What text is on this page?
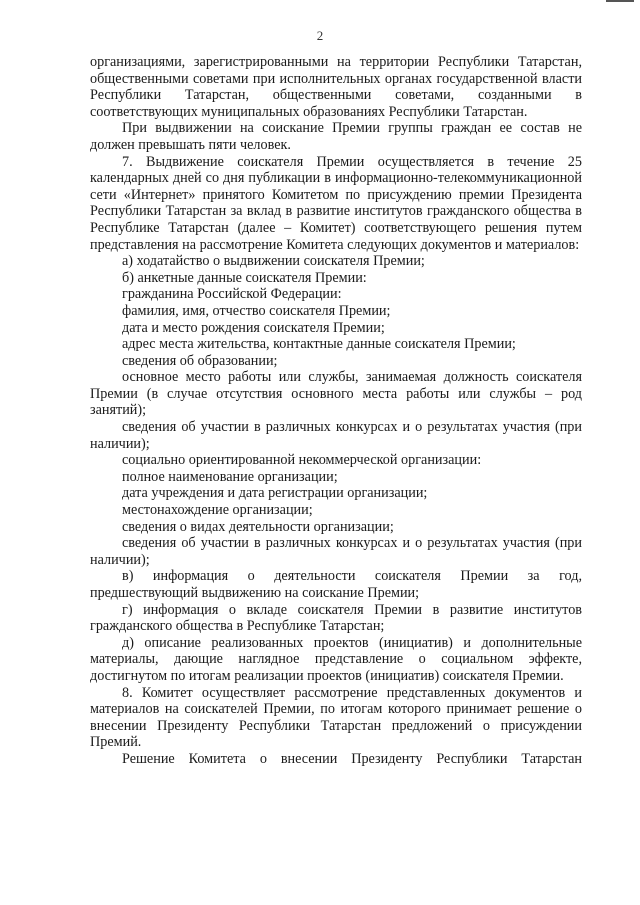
2

организациями, зарегистрированными на территории Республики Татарстан, общественными советами при исполнительных органах государственной власти Республики Татарстан, общественными советами, созданными в соответствующих муниципальных образованиях Республики Татарстан.

При выдвижении на соискание Премии группы граждан ее состав не должен превышать пяти человек.

7. Выдвижение соискателя Премии осуществляется в течение 25 календарных дней со дня публикации в информационно-телекоммуникационной сети «Интернет» принятого Комитетом по присуждению премии Президента Республики Татарстан за вклад в развитие институтов гражданского общества в Республике Татарстан (далее – Комитет) соответствующего решения путем представления на рассмотрение Комитета следующих документов и материалов:

а) ходатайство о выдвижении соискателя Премии;

б) анкетные данные соискателя Премии:

гражданина Российской Федерации:

фамилия, имя, отчество соискателя Премии;

дата и место рождения соискателя Премии;

адрес места жительства, контактные данные соискателя Премии;

сведения об образовании;

основное место работы или службы, занимаемая должность соискателя Премии (в случае отсутствия основного места работы или службы – род занятий);

сведения об участии в различных конкурсах и о результатах участия (при наличии);

социально ориентированной некоммерческой организации:

полное наименование организации;

дата учреждения и дата регистрации организации;

местонахождение организации;

сведения о видах деятельности организации;

сведения об участии в различных конкурсах и о результатах участия (при наличии);

в) информация о деятельности соискателя Премии за год, предшествующий выдвижению на соискание Премии;

г) информация о вкладе соискателя Премии в развитие институтов гражданского общества в Республике Татарстан;

д) описание реализованных проектов (инициатив) и дополнительные материалы, дающие наглядное представление о социальном эффекте, достигнутом по итогам реализации проектов (инициатив) соискателя Премии.

8. Комитет осуществляет рассмотрение представленных документов и материалов на соискателей Премии, по итогам которого принимает решение о внесении Президенту Республики Татарстан предложений о присуждении Премий.

Решение Комитета о внесении Президенту Республики Татарстан
